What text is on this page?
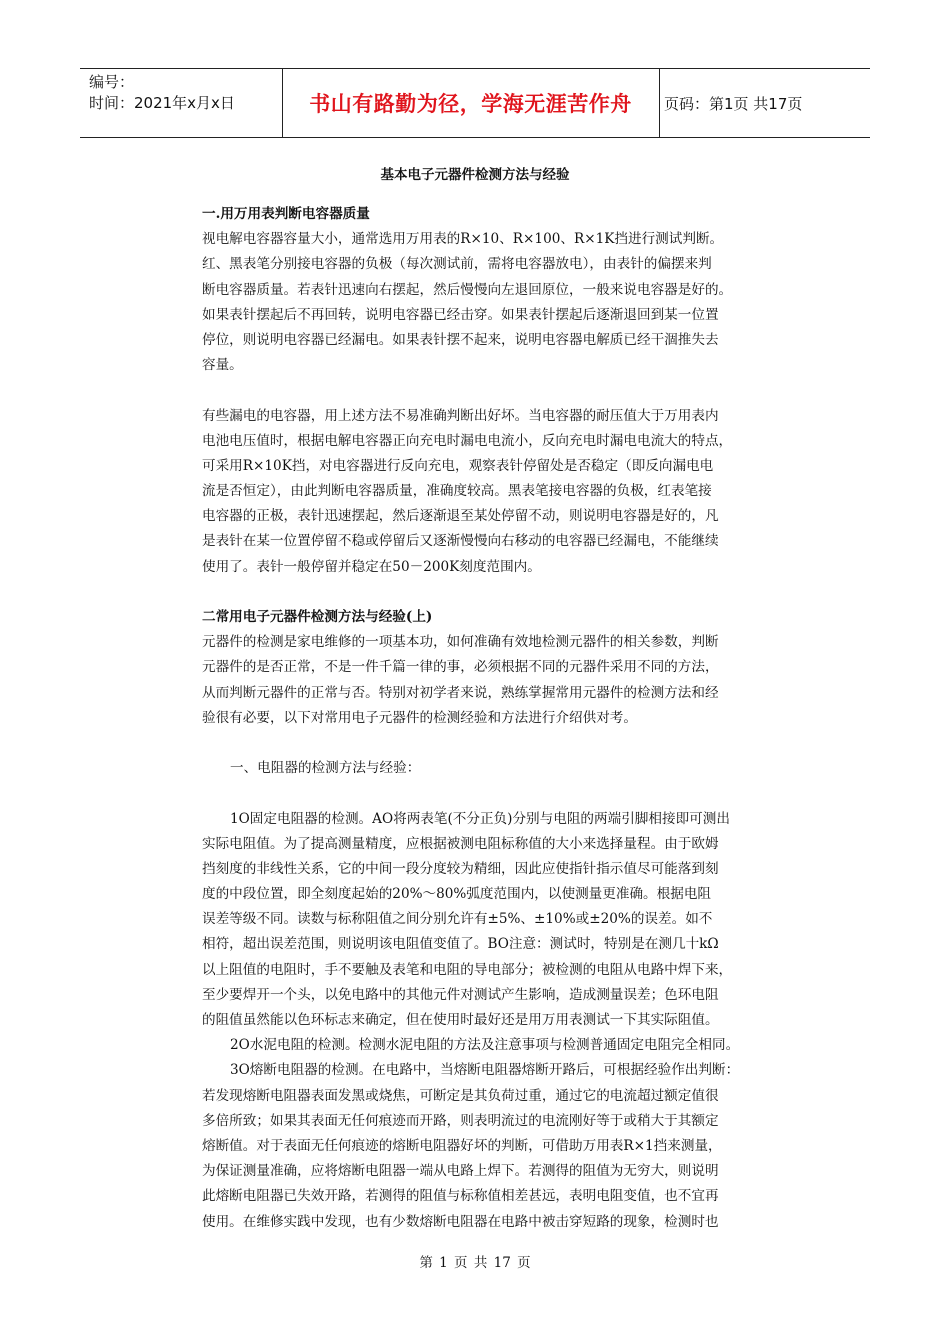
编号：
时间：2021年x月x日	书山有路勤为径，学海无涯苦作舟	页码：第1页 共17页
基本电子元器件检测方法与经验
一.用万用表判断电容器质量
视电解电容器容量大小，通常选用万用表的R×10、R×100、R×1K挡进行测试判断。
红、黑表笔分别接电容器的负极（每次测试前，需将电容器放电），由表针的偏摆来判
断电容器质量。若表针迅速向右摆起，然后慢慢向左退回原位，一般来说电容器是好的。
如果表针摆起后不再回转，说明电容器已经击穿。如果表针摆起后逐渐退回到某一位置
停位，则说明电容器已经漏电。如果表针摆不起来，说明电容器电解质已经干涸推失去
容量。
有些漏电的电容器，用上述方法不易准确判断出好坏。当电容器的耐压值大于万用表内
电池电压值时，根据电解电容器正向充电时漏电电流小，反向充电时漏电电流大的特点，
可采用R×10K挡，对电容器进行反向充电，观察表针停留处是否稳定（即反向漏电电
流是否恒定），由此判断电容器质量，准确度较高。黑表笔接电容器的负极，红表笔接
电容器的正极，表针迅速摆起，然后逐渐退至某处停留不动，则说明电容器是好的，凡
是表针在某一位置停留不稳或停留后又逐渐慢慢向右移动的电容器已经漏电，不能继续
使用了。表针一般停留并稳定在50－200K刻度范围内。
二常用电子元器件检测方法与经验(上)
元器件的检测是家电维修的一项基本功，如何准确有效地检测元器件的相关参数，判断
元器件的是否正常，不是一件千篇一律的事，必须根据不同的元器件采用不同的方法，
从而判断元器件的正常与否。特别对初学者来说，熟练掌握常用元器件的检测方法和经
验很有必要，以下对常用电子元器件的检测经验和方法进行介绍供对考。
一、电阻器的检测方法与经验：
1O固定电阻器的检测。AO将两表笔(不分正负)分别与电阻的两端引脚相接即可测出
实际电阻值。为了提高测量精度，应根据被测电阻标称值的大小来选择量程。由于欧姆
挡刻度的非线性关系，它的中间一段分度较为精细，因此应使指针指示值尽可能落到刻
度的中段位置，即全刻度起始的20%～80%弧度范围内，以使测量更准确。根据电阻
误差等级不同。读数与标称阻值之间分别允许有±5%、±10%或±20%的误差。如不
相符，超出误差范围，则说明该电阻值变值了。BO注意：测试时，特别是在测几十kΩ
以上阻值的电阻时，手不要触及表笔和电阻的导电部分；被检测的电阻从电路中焊下来，
至少要焊开一个头，以免电路中的其他元件对测试产生影响，造成测量误差；色环电阻
的阻值虽然能以色环标志来确定，但在使用时最好还是用万用表测试一下其实际阻值。
2O水泥电阻的检测。检测水泥电阻的方法及注意事项与检测普通固定电阻完全相同。
3O熔断电阻器的检测。在电路中，当熔断电阻器熔断开路后，可根据经验作出判断：
若发现熔断电阻器表面发黑或烧焦，可断定是其负荷过重，通过它的电流超过额定值很
多倍所致；如果其表面无任何痕迹而开路，则表明流过的电流刚好等于或稍大于其额定
熔断值。对于表面无任何痕迹的熔断电阻器好坏的判断，可借助万用表R×1挡来测量，
为保证测量准确，应将熔断电阻器一端从电路上焊下。若测得的阻值为无穷大，则说明
此熔断电阻器已失效开路，若测得的阻值与标称值相差甚远，表明电阻变值，也不宜再
使用。在维修实践中发现，也有少数熔断电阻器在电路中被击穿短路的现象，检测时也
第 1 页 共 17 页
